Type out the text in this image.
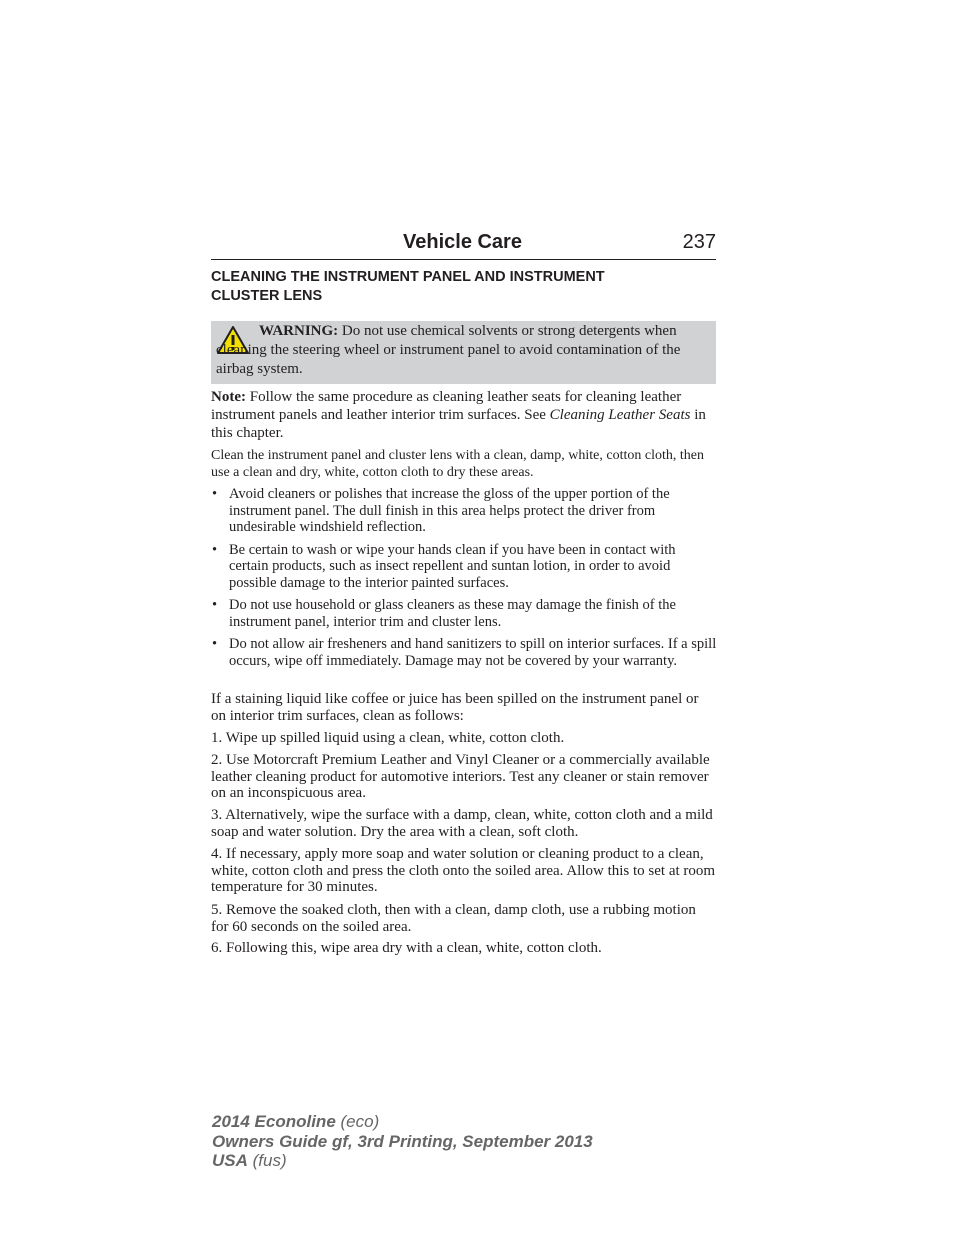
Vehicle Care	237
CLEANING THE INSTRUMENT PANEL AND INSTRUMENT
CLUSTER LENS
WARNING: Do not use chemical solvents or strong detergents when cleaning the steering wheel or instrument panel to avoid contamination of the airbag system.
Note: Follow the same procedure as cleaning leather seats for cleaning leather instrument panels and leather interior trim surfaces. See Cleaning Leather Seats in this chapter.
Clean the instrument panel and cluster lens with a clean, damp, white, cotton cloth, then use a clean and dry, white, cotton cloth to dry these areas.
• Avoid cleaners or polishes that increase the gloss of the upper portion of the instrument panel. The dull finish in this area helps protect the driver from undesirable windshield reflection.
• Be certain to wash or wipe your hands clean if you have been in contact with certain products, such as insect repellent and suntan lotion, in order to avoid possible damage to the interior painted surfaces.
• Do not use household or glass cleaners as these may damage the finish of the instrument panel, interior trim and cluster lens.
• Do not allow air fresheners and hand sanitizers to spill on interior surfaces. If a spill occurs, wipe off immediately. Damage may not be covered by your warranty.
If a staining liquid like coffee or juice has been spilled on the instrument panel or on interior trim surfaces, clean as follows:
1. Wipe up spilled liquid using a clean, white, cotton cloth.
2. Use Motorcraft Premium Leather and Vinyl Cleaner or a commercially available leather cleaning product for automotive interiors. Test any cleaner or stain remover on an inconspicuous area.
3. Alternatively, wipe the surface with a damp, clean, white, cotton cloth and a mild soap and water solution. Dry the area with a clean, soft cloth.
4. If necessary, apply more soap and water solution or cleaning product to a clean, white, cotton cloth and press the cloth onto the soiled area. Allow this to set at room temperature for 30 minutes.
5. Remove the soaked cloth, then with a clean, damp cloth, use a rubbing motion for 60 seconds on the soiled area.
6. Following this, wipe area dry with a clean, white, cotton cloth.
2014 Econoline (eco)
Owners Guide gf, 3rd Printing, September 2013
USA (fus)
